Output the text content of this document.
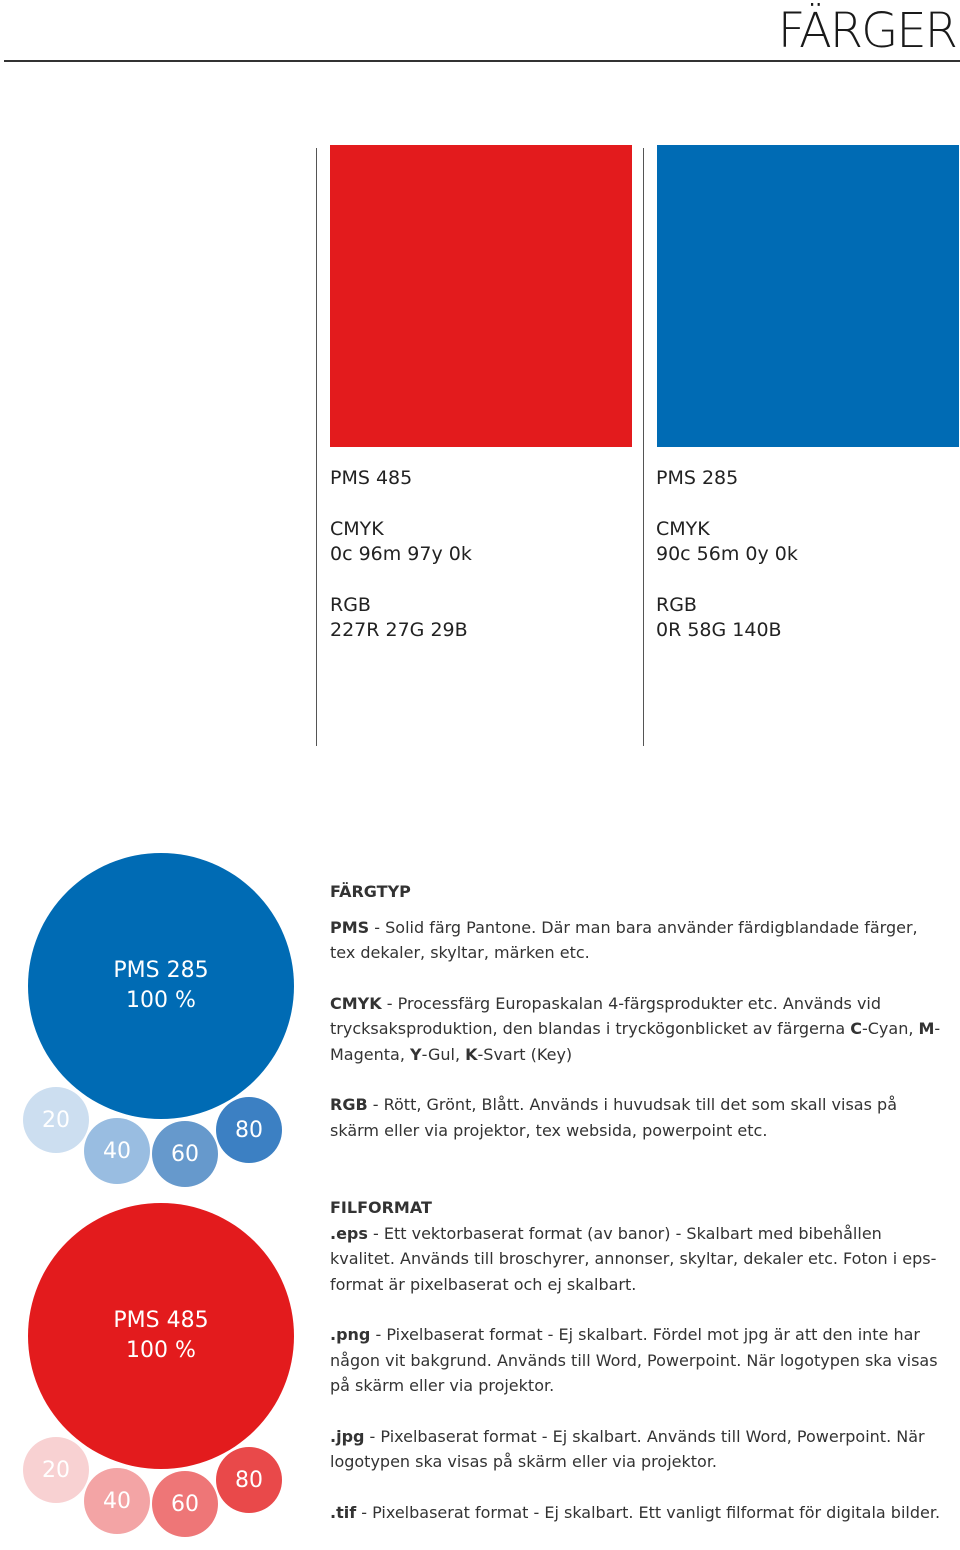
FÄRGER

PMS 485

CMYK
0c 96m 97y 0k

RGB
227R 27G 29B

PMS 285

CMYK
90c 56m 0y 0k

RGB
0R 58G 140B

PMS 285
100 %
20
40 60
80
PMS 485
100 %
20
40 60
80

FÄRGTYP

PMS - Solid färg Pantone. Där man bara använder färdigblandade färger, tex dekaler, skyltar, märken etc.

CMYK - Processfärg Europaskalan 4-färgsprodukter etc. Används vid trycksaksproduktion, den blandas i tryckögonblicket av färgerna C-Cyan, M-Magenta, Y-Gul, K-Svart (Key)

RGB - Rött, Grönt, Blått. Används i huvudsak till det som skall visas på skärm eller via projektor, tex websida, powerpoint etc.

FILFORMAT

.eps - Ett vektorbaserat format (av banor) - Skalbart med bibehållen kvalitet. Används till broschyrer, annonser, skyltar, dekaler etc. Foton i eps-format är pixelbaserat och ej skalbart.

.png - Pixelbaserat format - Ej skalbart. Fördel mot jpg är att den inte har någon vit bakgrund. Används till Word, Powerpoint. När logotypen ska visas på skärm eller via projektor.

.jpg - Pixelbaserat format - Ej skalbart. Används till Word, Powerpoint. När logotypen ska visas på skärm eller via projektor.

.tif - Pixelbaserat format - Ej skalbart. Ett vanligt filformat för digitala bilder.
